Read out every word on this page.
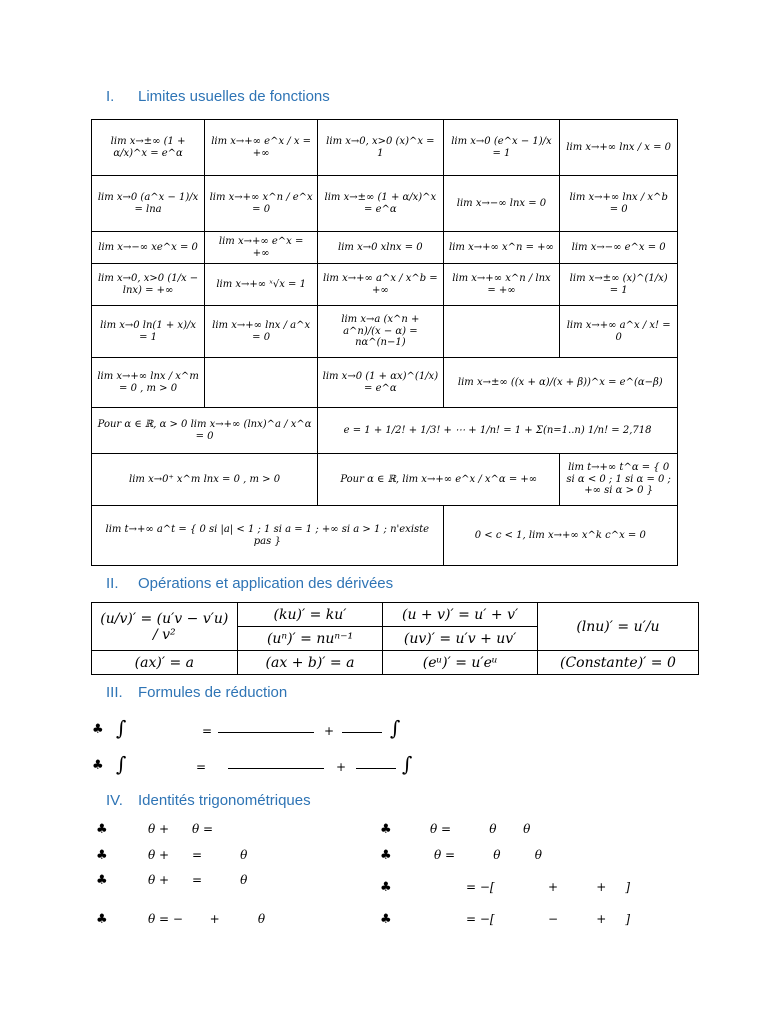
I.	Limites usuelles de fonctions
II.	Opérations et application des dérivées
III.	Formules de réduction
IV.	Identités trigonométriques
lim x→±∞ (1 + α/x)^x = e^α	lim x→+∞ e^x / x = +∞	lim x→0, x>0 (x)^x = 1	lim x→0 (e^x − 1)/x = 1	lim x→+∞ lnx / x = 0

lim x→0 (a^x − 1)/x = lna	lim x→+∞ x^n / e^x = 0	lim x→±∞ (1 + α/x)^x = e^α	lim x→−∞ lnx = 0	lim x→+∞ lnx / x^b = 0

lim x→−∞ xe^x = 0	lim x→+∞ e^x = +∞	lim x→0 xlnx = 0	lim x→+∞ x^n = +∞	lim x→−∞ e^x = 0

lim x→0, x>0 (1/x − lnx) = +∞	lim x→+∞ ˣ√x = 1	lim x→+∞ a^x / x^b = +∞	lim x→+∞ x^n / lnx = +∞	lim x→±∞ (x)^(1/x) = 1

lim x→0 ln(1 + x)/x = 1	lim x→+∞ lnx / a^x = 0	lim x→a (x^n + a^n)/(x − α) = nα^(n−1)		lim x→+∞ a^x / x! = 0

lim x→+∞ lnx / x^m = 0 , m > 0		lim x→0 (1 + αx)^(1/x) = e^α	lim x→±∞ ((x + α)/(x + β))^x = e^(α−β)	

Pour α ∈ ℝ, α > 0 lim x→+∞ (lnx)^a / x^α = 0		e = 1 + 1/2! + 1/3! + ⋯ + 1/n! = 1 + Σ(n=1..n) 1/n! = 2,718		

lim x→0⁺ x^m lnx = 0 , m > 0		Pour α ∈ ℝ, lim x→+∞ e^x / x^α = +∞		lim t→+∞ t^α = { 0 si α < 0 ; 1 si α = 0 ; +∞ si α > 0 }

lim t→+∞ a^t = { 0 si |a| < 1 ; 1 si a = 1 ; +∞ si a > 1 ; n'existe pas }			0 < c < 1, lim x→+∞ x^k c^x = 0	
(u/v)′ = (u′v − v′u) / v²	(ku)′ = ku′	(u + v)′ = u′ + v′	(lnu)′ = u′/u

(uⁿ)′ = nuⁿ⁻¹	(uv)′ = u′v + uv′	

(ax)′ = a	(ax + b)′ = a	(eᵘ)′ = u′eᵘ	(Constante)′ = 0
♣ ∫	=	+	∫
♣ ∫	=	+	∫
♣	θ +      θ =
♣	θ +      =          θ
♣	θ +      =          θ
♣	θ = −       +          θ
♣	θ =          θ       θ
♣	θ =          θ         θ
♣	= −[              +          +     ]
♣	= −[              −          +     ]
